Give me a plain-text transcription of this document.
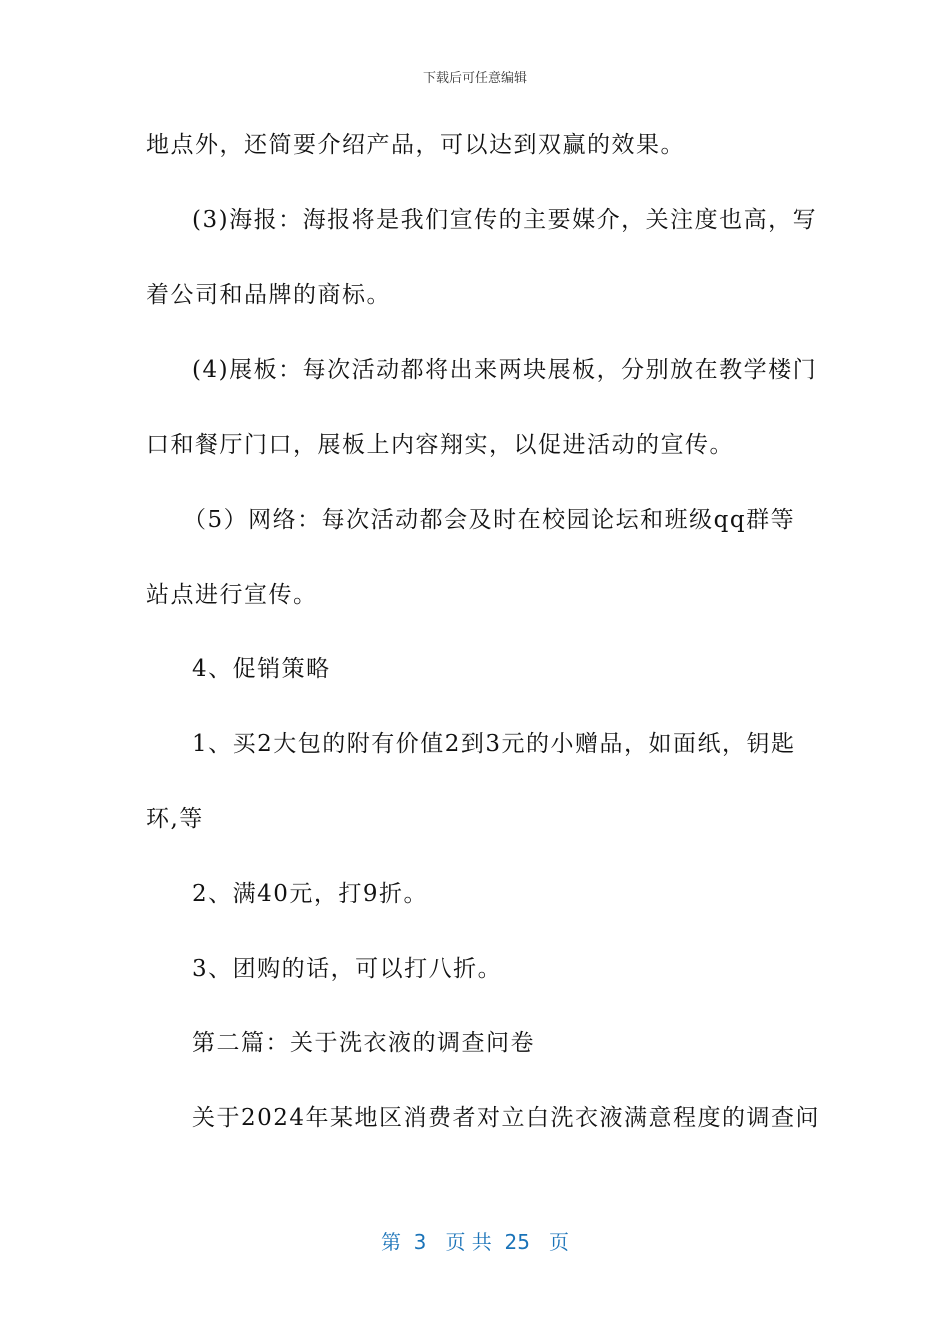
下载后可任意编辑
地点外，还简要介绍产品，可以达到双赢的效果。
(3)海报：海报将是我们宣传的主要媒介，关注度也高，写
着公司和品牌的商标。
(4)展板：每次活动都将出来两块展板，分别放在教学楼门
口和餐厅门口，展板上内容翔实，以促进活动的宣传。
（5）网络：每次活动都会及时在校园论坛和班级qq群等
站点进行宣传。
4、促销策略
1、买2大包的附有价值2到3元的小赠品，如面纸，钥匙
环,等
2、满40元，打9折。
3、团购的话，可以打八折。
第二篇：关于洗衣液的调查问卷
关于2024年某地区消费者对立白洗衣液满意程度的调查问
第  3   页 共  25   页
